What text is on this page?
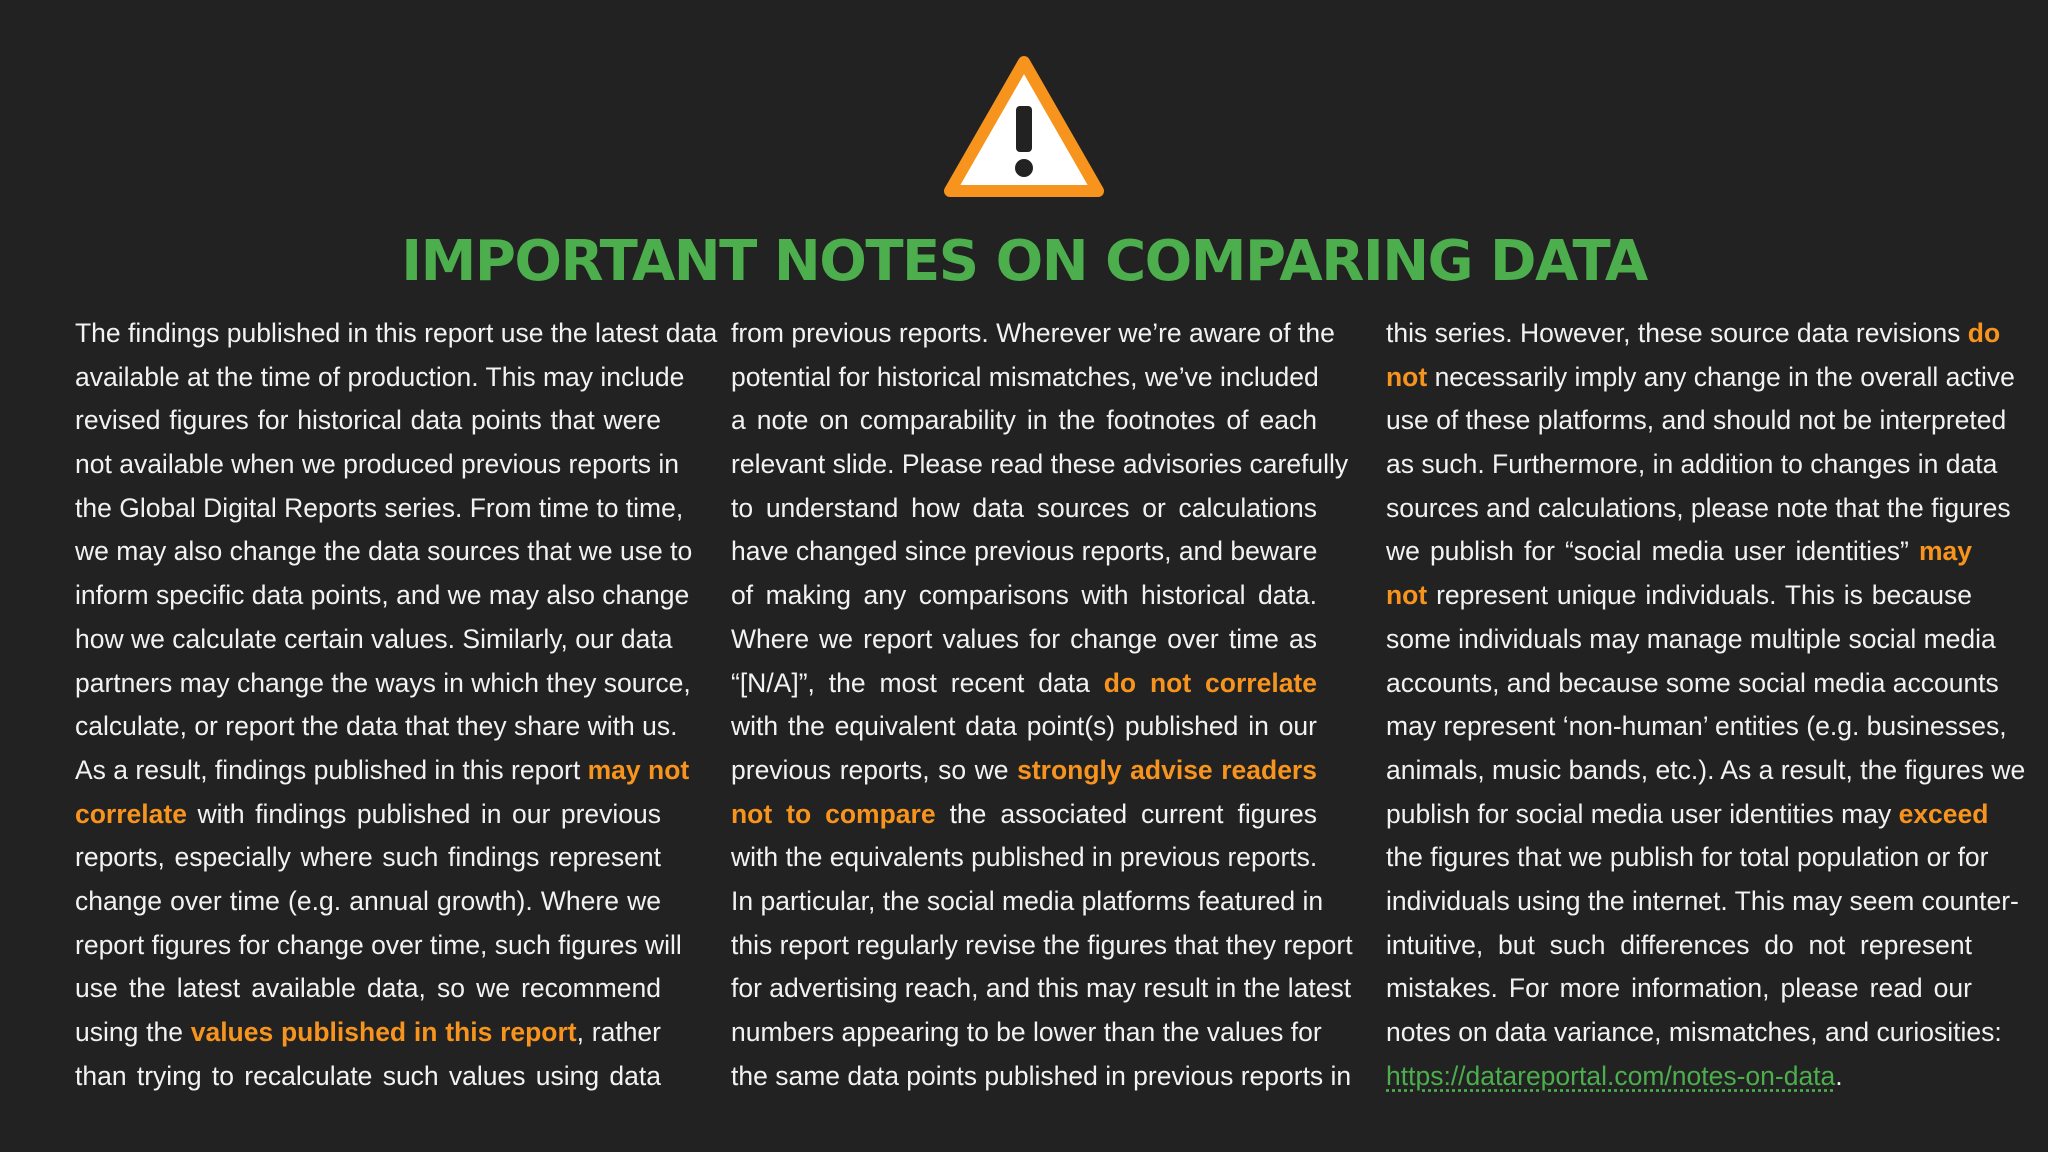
IMPORTANT NOTES ON COMPARING DATA
The findings published in this report use the latest data
available at the time of production. This may include
revised figures for historical data points that were
not available when we produced previous reports in
the Global Digital Reports series. From time to time,
we may also change the data sources that we use to
inform specific data points, and we may also change
how we calculate certain values. Similarly, our data
partners may change the ways in which they source,
calculate, or report the data that they share with us.
As a result, findings published in this report may not
correlate with findings published in our previous
reports, especially where such findings represent
change over time (e.g. annual growth). Where we
report figures for change over time, such figures will
use the latest available data, so we recommend
using the values published in this report, rather
than trying to recalculate such values using data
from previous reports. Wherever we’re aware of the
potential for historical mismatches, we’ve included
a note on comparability in the footnotes of each
relevant slide. Please read these advisories carefully
to understand how data sources or calculations
have changed since previous reports, and beware
of making any comparisons with historical data.
Where we report values for change over time as
“[N/A]”, the most recent data do not correlate
with the equivalent data point(s) published in our
previous reports, so we strongly advise readers
not to compare the associated current figures
with the equivalents published in previous reports.
In particular, the social media platforms featured in
this report regularly revise the figures that they report
for advertising reach, and this may result in the latest
numbers appearing to be lower than the values for
the same data points published in previous reports in
this series. However, these source data revisions do
not necessarily imply any change in the overall active
use of these platforms, and should not be interpreted
as such. Furthermore, in addition to changes in data
sources and calculations, please note that the figures
we publish for “social media user identities” may
not represent unique individuals. This is because
some individuals may manage multiple social media
accounts, and because some social media accounts
may represent ‘non-human’ entities (e.g. businesses,
animals, music bands, etc.). As a result, the figures we
publish for social media user identities may exceed
the figures that we publish for total population or for
individuals using the internet. This may seem counter-
intuitive, but such differences do not represent
mistakes. For more information, please read our
notes on data variance, mismatches, and curiosities:
https://datareportal.com/notes-on-data.
